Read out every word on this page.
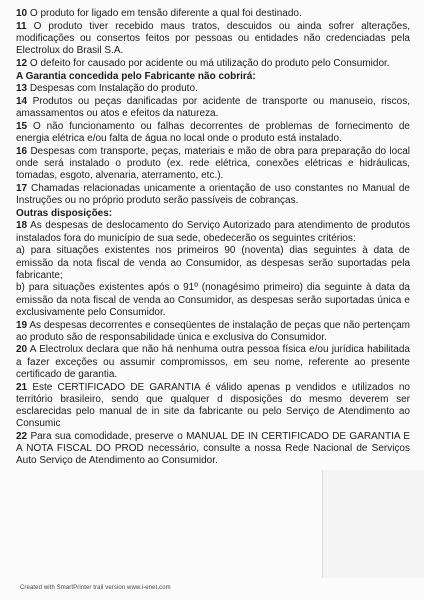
10 O produto for ligado em tensão diferente a qual foi destinado.
11 O produto tiver recebido maus tratos, descuidos ou ainda sofrer alterações, modificações ou consertos feitos por pessoas ou entidades não credenciadas pela Electrolux do Brasil S.A.
12 O defeito for causado por acidente ou má utilização do produto pelo Consumidor.
A Garantia concedida pelo Fabricante não cobrirá:
13 Despesas com Instalação do produto.
14 Produtos ou peças danificadas por acidente de transporte ou manuseio, riscos, amassamentos ou atos e efeitos da natureza.
15 O não funcionamento ou falhas decorrentes de problemas de fornecimento de energia elétrica e/ou falta de água no local onde o produto está instalado.
16 Despesas com transporte, peças, materiais e mão de obra para preparação do local onde será instalado o produto (ex. rede elétrica, conexões elétricas e hidráulicas, tomadas, esgoto, alvenaria, aterramento, etc.).
17 Chamadas relacionadas unicamente a orientação de uso constantes no Manual de Instruções ou no próprio produto serão passíveis de cobranças.
Outras disposições:
18 As despesas de deslocamento do Serviço Autorizado para atendimento de produtos instalados fora do município de sua sede, obedecerão os seguintes critérios:
a) para situações existentes nos primeiros 90 (noventa) dias seguintes à data de emissão da nota fiscal de venda ao Consumidor, as despesas serão suportadas pela fabricante;
b) para situações existentes após o 91º (nonagésimo primeiro) dia seguinte à data da emissão da nota fiscal de venda ao Consumidor, as despesas serão suportadas única e exclusivamente pelo Consumidor.
19 As despesas decorrentes e conseqüentes de instalação de peças que não pertençam ao produto são de responsabilidade única e exclusiva do Consumidor.
20 A Electrolux declara que não há nenhuma outra pessoa física e/ou jurídica habilitada a fazer exceções ou assumir compromissos, em seu nome, referente ao presente certificado de garantia.
21 Este CERTIFICADO DE GARANTIA é válido apenas p vendidos e utilizados no território brasileiro, sendo que qualquer d disposições do mesmo deverem ser esclarecidas pelo manual de in site da fabricante ou pelo Serviço de Atendimento ao Consumic
22 Para sua comodidade, preserve o MANUAL DE IN CERTIFICADO DE GARANTIA E A NOTA FISCAL DO PROD necessário, consulte a nossa Rede Nacional de Serviços Auto Serviço de Atendimento ao Consumidor.
Created with SmartPrinter trail version www.i-enet.com
